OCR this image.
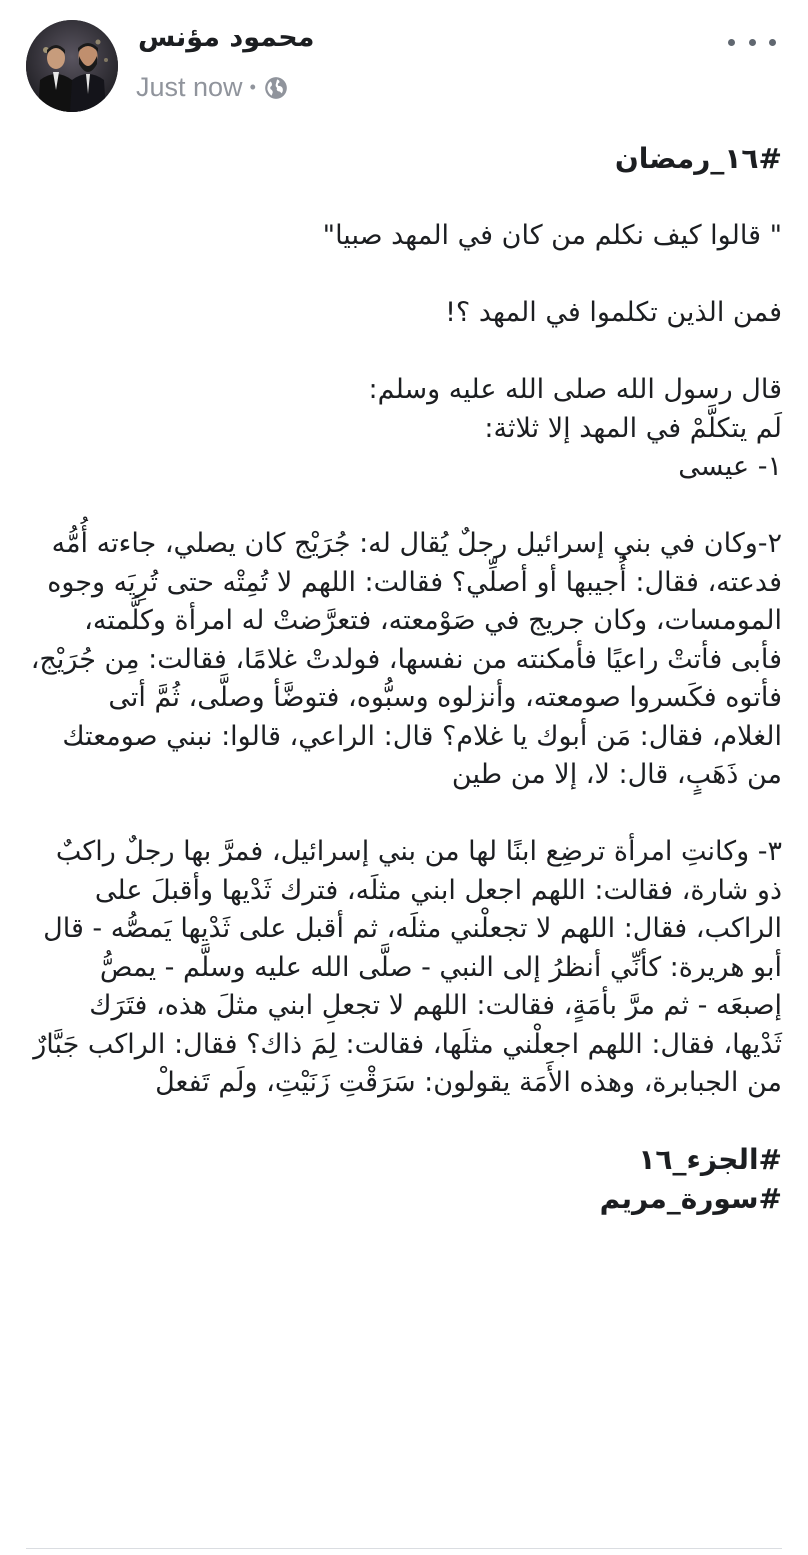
محمود مؤنس
Just now •

#١٦_رمضان

" قالوا كيف نكلم من كان في المهد صبيا"

فمن الذين تكلموا في المهد ؟!

قال رسول الله صلى الله عليه وسلم:
لَم يتكلَّمْ في المهد إلا ثلاثة:
١- عيسى

٢-وكان في بني إسرائيل رجلٌ يُقال له: جُرَيْج كان يصلي، جاءته أُمُّه فدعته، فقال: أُجيبها أو أصلِّي؟ فقالت: اللهم لا تُمِتْه حتى تُرِيَه وجوه المومسات، وكان جريج في صَوْمعته، فتعرَّضتْ له امرأة وكلَّمته، فأبى فأتتْ راعيًا فأمكنته من نفسها، فولدتْ غلامًا، فقالت: مِن جُرَيْج، فأتوه فكَسروا صومعته، وأنزلوه وسبُّوه، فتوضَّأ وصلَّى، ثُمَّ أتى الغلام، فقال: مَن أبوك يا غلام؟ قال: الراعي، قالوا: نبني صومعتك من ذَهَبٍ، قال: لا، إلا من طين

٣- وكانتِ امرأة ترضِع ابنًا لها من بني إسرائيل، فمرَّ بها رجلٌ راكبٌ ذو شارة، فقالت: اللهم اجعل ابني مثلَه، فترك ثَدْيها وأقبلَ على الراكب، فقال: اللهم لا تجعلْني مثلَه، ثم أقبل على ثَدْيها يَمصُّه - قال أبو هريرة: كأنِّي أنظرُ إلى النبي - صلَّى الله عليه وسلَّم - يمصُّ إصبعَه - ثم مرَّ بأمَةٍ، فقالت: اللهم لا تجعلِ ابني مثلَ هذه، فتَرَك ثَدْيها، فقال: اللهم اجعلْني مثلَها، فقالت: لِمَ ذاك؟ فقال: الراكب جَبَّارٌ من الجبابرة، وهذه الأَمَة يقولون: سَرَقْتِ زَنَيْتِ، ولَم تَفعلْ

#الجزء_١٦

#سورة_مريم
